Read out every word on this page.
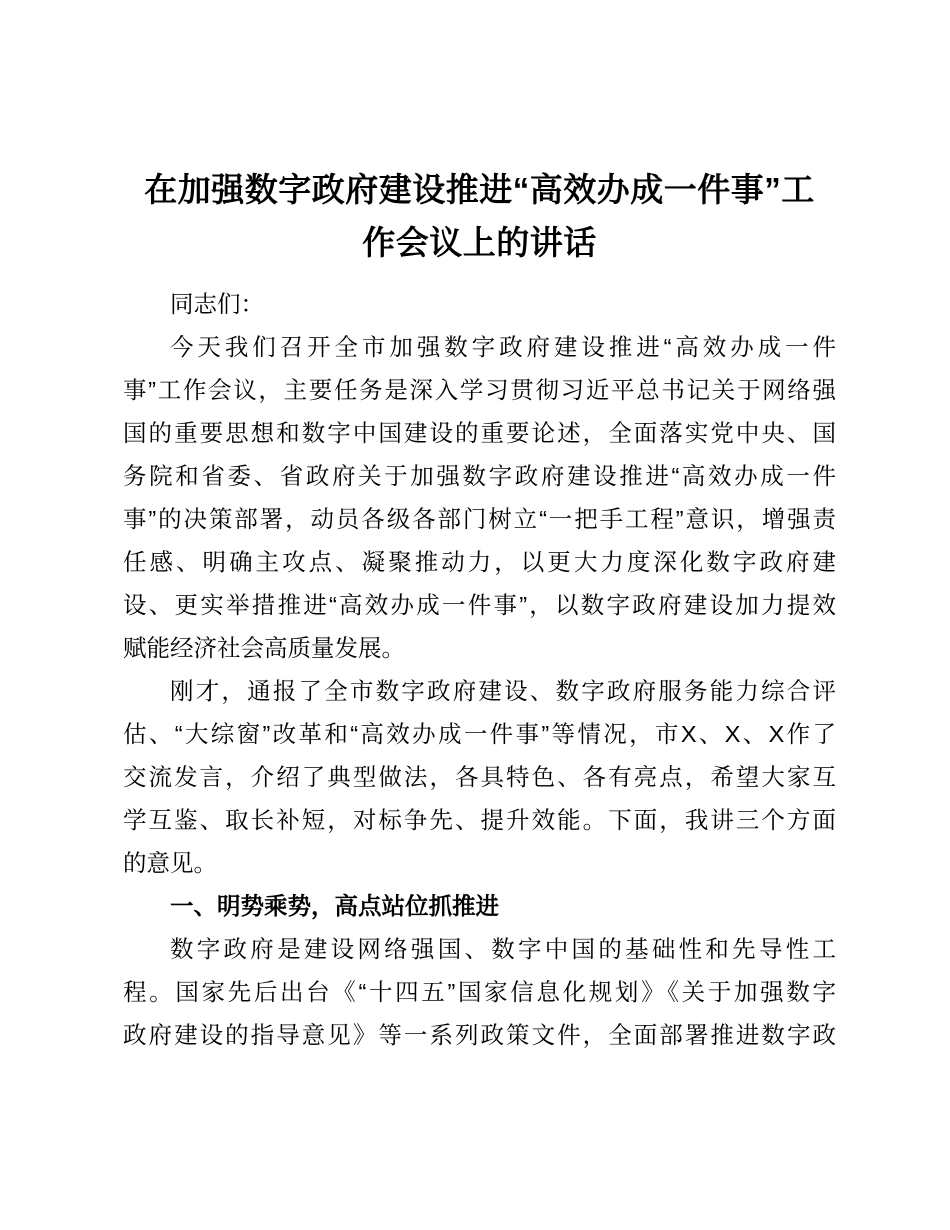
在加强数字政府建设推进“高效办成一件事”工
作会议上的讲话
同志们：
今天我们召开全市加强数字政府建设推进“高效办成一件
事”工作会议，主要任务是深入学习贯彻习近平总书记关于网络强
国的重要思想和数字中国建设的重要论述，全面落实党中央、国
务院和省委、省政府关于加强数字政府建设推进“高效办成一件
事”的决策部署，动员各级各部门树立“一把手工程”意识，增强责
任感、明确主攻点、凝聚推动力，以更大力度深化数字政府建
设、更实举措推进“高效办成一件事”，以数字政府建设加力提效
赋能经济社会高质量发展。
刚才，通报了全市数字政府建设、数字政府服务能力综合评
估、“大综窗”改革和“高效办成一件事”等情况，市X、X、X作了
交流发言，介绍了典型做法，各具特色、各有亮点，希望大家互
学互鉴、取长补短，对标争先、提升效能。下面，我讲三个方面
的意见。
一、明势乘势，高点站位抓推进
数字政府是建设网络强国、数字中国的基础性和先导性工
程。国家先后出台《“十四五”国家信息化规划》《关于加强数字
政府建设的指导意见》等一系列政策文件，全面部署推进数字政
